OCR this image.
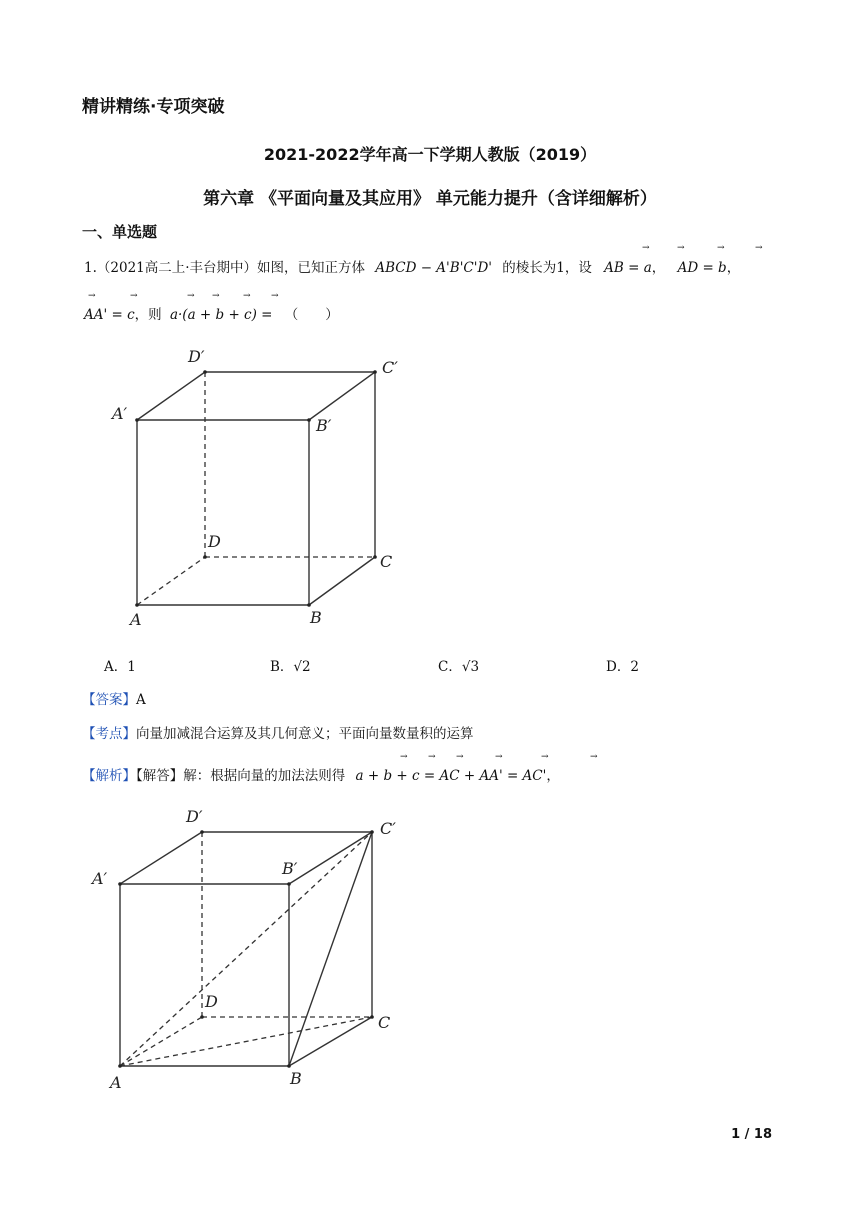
精讲精练·专项突破
2021-2022学年高一下学期人教版（2019）
第六章 《平面向量及其应用》 单元能力提升（含详细解析）
一、单选题
1.（2021高二上·丰台期中）如图，已知正方体 ABCD − A'B'C'D' 的棱长为1，设 AB = a， AD = b，
→	→	→	→
AA' = c，则 a·(a + b + c) = （　　）
→	→	→ →	→ →
A	B
C
D
A′
B′
C′
D′
A．1	B．√2	C．√3	D．2
【答案】A
【考点】向量加减混合运算及其几何意义；平面向量数量积的运算
【解析】【解答】解：根据向量的加法法则得 a + b + c = AC + AA' = AC'，
→ → →	→	→	→
A	B
C
D
A′
B′
C′
D′
1 / 18
